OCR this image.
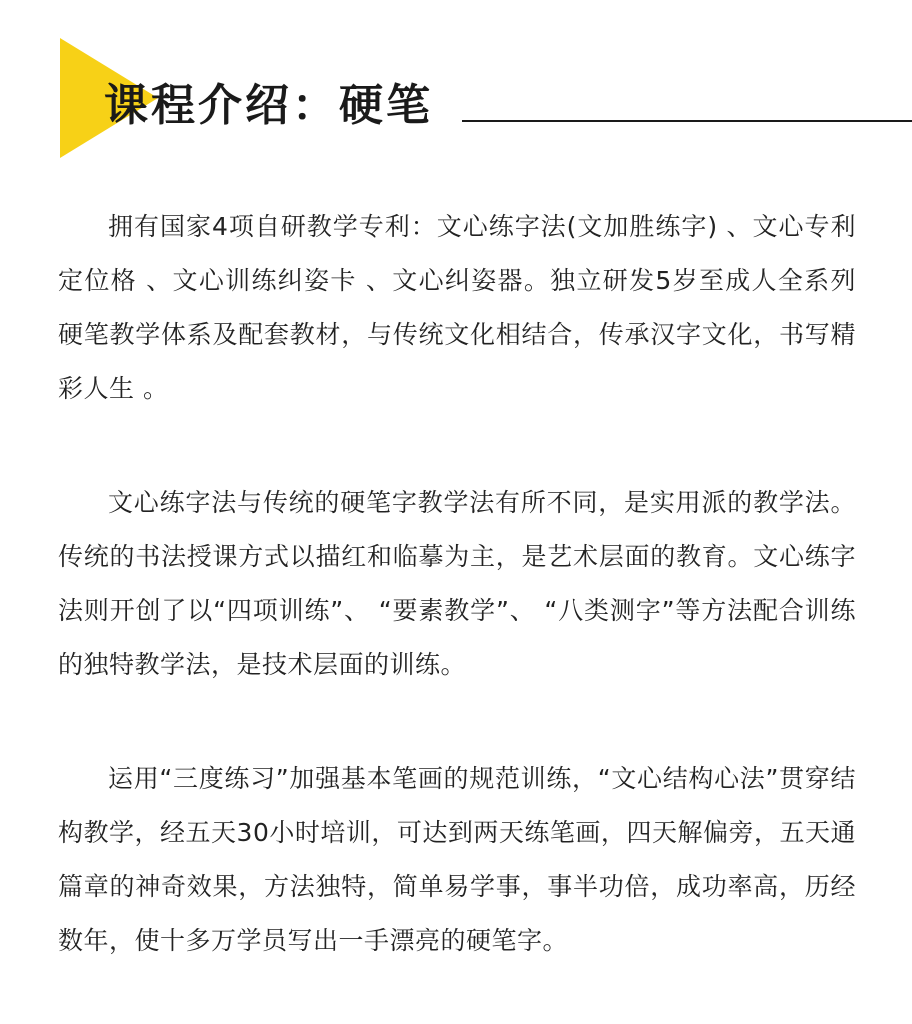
课程介绍：硬笔

拥有国家4项自研教学专利：文心练字法(文加胜练字) 、文心专利定位格 、文心训练纠姿卡 、文心纠姿器。独立研发5岁至成人全系列硬笔教学体系及配套教材，与传统文化相结合，传承汉字文化，书写精彩人生 。

文心练字法与传统的硬笔字教学法有所不同，是实用派的教学法。传统的书法授课方式以描红和临摹为主，是艺术层面的教育。文心练字法则开创了以“四项训练”、 “要素教学”、 “八类测字”等方法配合训练的独特教学法，是技术层面的训练。

运用“三度练习”加强基本笔画的规范训练，“文心结构心法”贯穿结构教学，经五天30小时培训，可达到两天练笔画，四天解偏旁，五天通篇章的神奇效果，方法独特，简单易学事，事半功倍，成功率高，历经数年，使十多万学员写出一手漂亮的硬笔字。
